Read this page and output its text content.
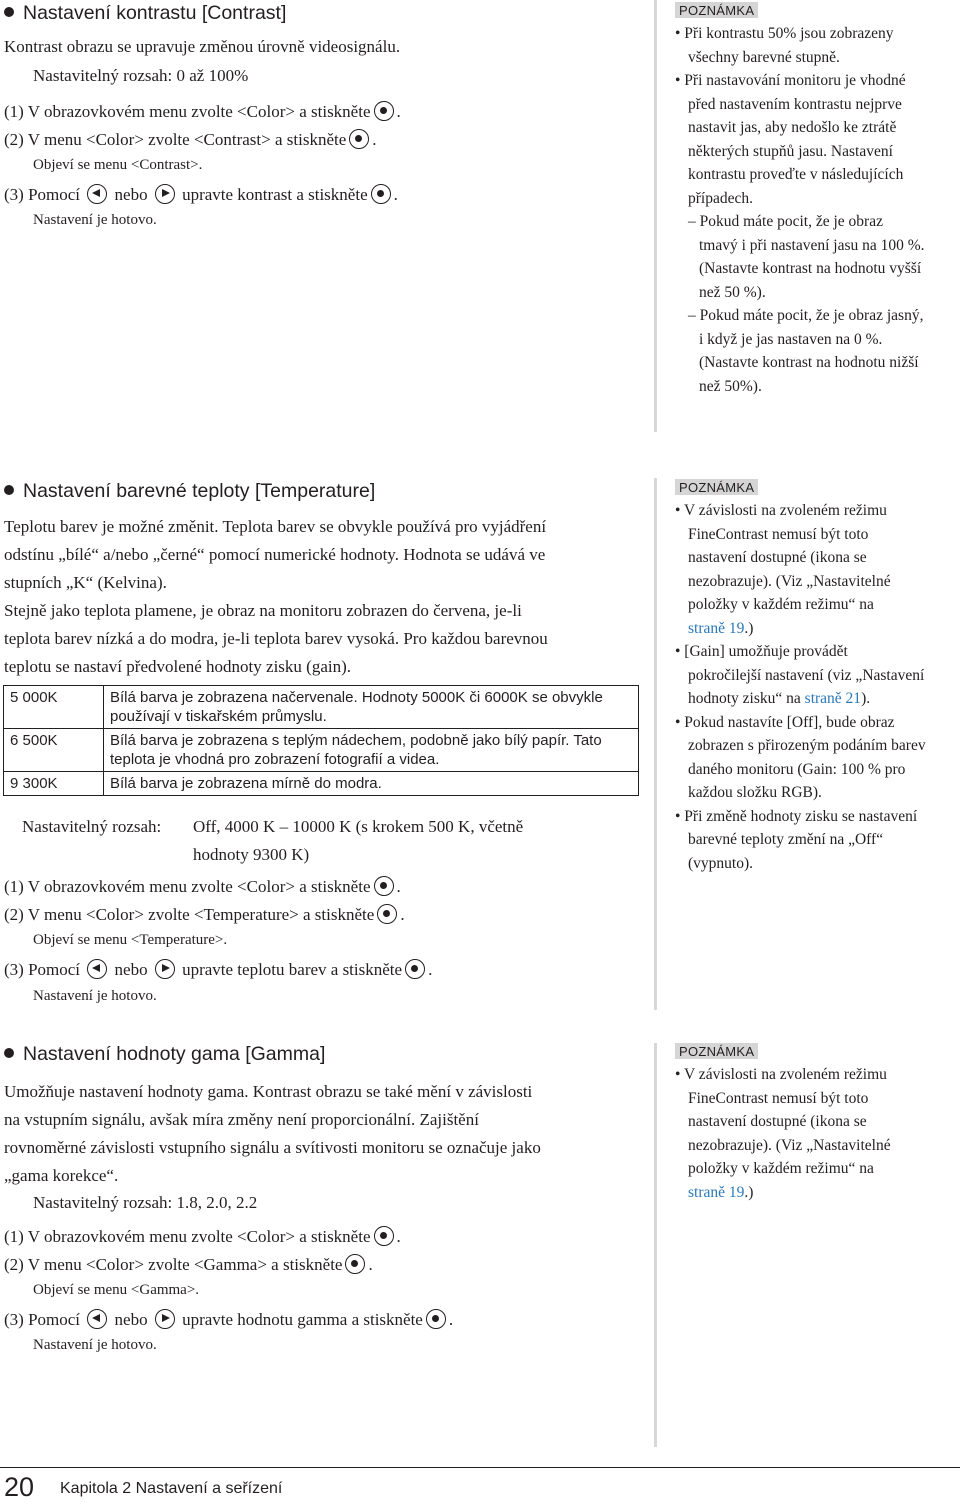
Nastavení kontrastu [Contrast]
Kontrast obrazu se upravuje změnou úrovně videosignálu.
Nastavitelný rozsah: 0 až 100%
(1) V obrazovkovém menu zvolte <Color> a stiskněte .
(2) V menu <Color> zvolte <Contrast> a stiskněte .
Objeví se menu <Contrast>.
(3) Pomocí nebo upravte kontrast a stiskněte .
Nastavení je hotovo.
POZNÁMKA
• Při kontrastu 50% jsou zobrazeny
všechny barevné stupně.
• Při nastavování monitoru je vhodné
před nastavením kontrastu nejprve
nastavit jas, aby nedošlo ke ztrátě
některých stupňů jasu. Nastavení
kontrastu proveďte v následujících
případech.
– Pokud máte pocit, že je obraz
tmavý i při nastavení jasu na 100 %.
(Nastavte kontrast na hodnotu vyšší
než 50 %).
– Pokud máte pocit, že je obraz jasný,
i když je jas nastaven na 0 %.
(Nastavte kontrast na hodnotu nižší
než 50%).
Nastavení barevné teploty [Temperature]
Teplotu barev je možné změnit. Teplota barev se obvykle používá pro vyjádření
odstínu „bílé“ a/nebo „černé“ pomocí numerické hodnoty. Hodnota se udává ve
stupních „K“ (Kelvina).
Stejně jako teplota plamene, je obraz na monitoru zobrazen do červena, je-li
teplota barev nízká a do modra, je-li teplota barev vysoká. Pro každou barevnou
teplotu se nastaví předvolené hodnoty zisku (gain).
5 000K	Bílá barva je zobrazena načervenale. Hodnoty 5000K či 6000K se obvykle používají v tiskařském průmyslu.
6 500K	Bílá barva je zobrazena s teplým nádechem, podobně jako bílý papír. Tato teplota je vhodná pro zobrazení fotografií a videa.
9 300K	Bílá barva je zobrazena mírně do modra.
Nastavitelný rozsah: Off, 4000 K – 10000 K (s krokem 500 K, včetně
hodnoty 9300 K)
(1) V obrazovkovém menu zvolte <Color> a stiskněte .
(2) V menu <Color> zvolte <Temperature> a stiskněte .
Objeví se menu <Temperature>.
(3) Pomocí nebo upravte teplotu barev a stiskněte .
Nastavení je hotovo.
POZNÁMKA
• V závislosti na zvoleném režimu
FineContrast nemusí být toto
nastavení dostupné (ikona se
nezobrazuje). (Viz „Nastavitelné
položky v každém režimu“ na
straně 19.)
• [Gain] umožňuje provádět
pokročilejší nastavení (viz „Nastavení
hodnoty zisku“ na straně 21).
• Pokud nastavíte [Off], bude obraz
zobrazen s přirozeným podáním barev
daného monitoru (Gain: 100 % pro
každou složku RGB).
• Při změně hodnoty zisku se nastavení
barevné teploty změní na „Off“
(vypnuto).
Nastavení hodnoty gama [Gamma]
Umožňuje nastavení hodnoty gama. Kontrast obrazu se také mění v závislosti
na vstupním signálu, avšak míra změny není proporcionální. Zajištění
rovnoměrné závislosti vstupního signálu a svítivosti monitoru se označuje jako
„gama korekce“.
Nastavitelný rozsah: 1.8, 2.0, 2.2
(1) V obrazovkovém menu zvolte <Color> a stiskněte .
(2) V menu <Color> zvolte <Gamma> a stiskněte .
Objeví se menu <Gamma>.
(3) Pomocí nebo upravte hodnotu gamma a stiskněte .
Nastavení je hotovo.
POZNÁMKA
• V závislosti na zvoleném režimu
FineContrast nemusí být toto
nastavení dostupné (ikona se
nezobrazuje). (Viz „Nastavitelné
položky v každém režimu“ na
straně 19.)
20 Kapitola 2 Nastavení a seřízení
